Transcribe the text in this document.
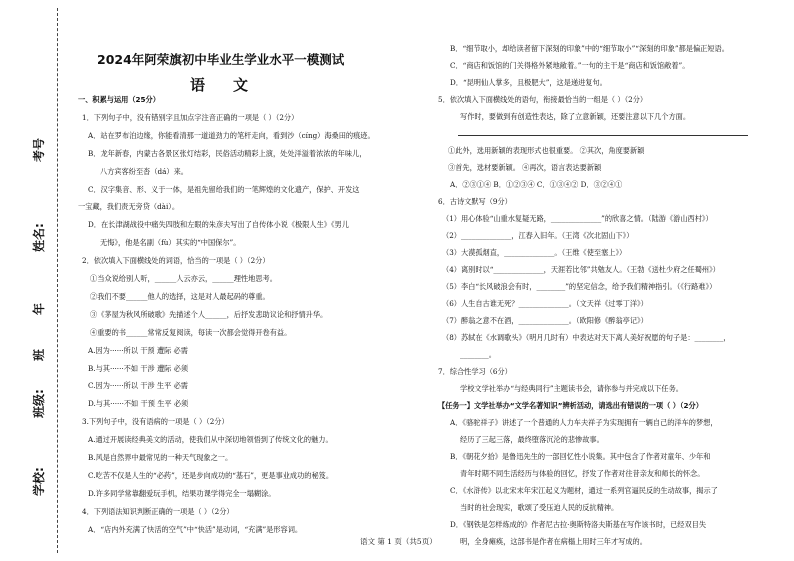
考号
姓名:
年
班
班级:
学校:
2024年阿荣旗初中毕业生学业水平一模测试
语文
一、积累与运用（25分）
1．下列句子中，没有错别字且加点字注音正确的一项是（ ）（2分）
A．站在罗布泊边缘，你能看清那一道道劲力的笔杆走向，看到沙（cíng）海桑田的痕迹。
B．龙年新春，内蒙古各景区张灯结彩，民俗活动精彩上演，处处洋溢着浓浓的年味儿，
八方宾客纷至沓（dá）来。
C．汉字集音、形、义于一体，是祖先留给我们的一笔辉煌的文化遗产，保护、开发这
一宝藏，我们责无旁贷（dài）。
D．在长津湖战役中痛失四肢和左眼的朱彦夫写出了自传体小说《极限人生》《男儿
无悔》，他是名副（fù）其实的“中国保尔”。
2．依次填入下面横线处的词语，恰当的一项是（ ）（2分）
①当众说给别人听，______人云亦云，______理性地思考。
②我们不要______他人的选择，这是对人最起码的尊重。
③《茅屋为秋风所破歌》先描述个人______，后抒发悲助议论和抒情升华。
④重要的书______常常反复阅读，每读一次都会觉得开卷有益。
A.因为······所以 干预 遭际 必需
B.与其······不如 干涉 遭际 必须
C.因为······所以 干涉 生平 必需
D.与其······不如 干预 生平 必须
3.下列句子中，没有语病的一项是（ ）（2分）
A.通过开展读经典美文的活动，使我们从中深切地领悟到了传统文化的魅力。
B.风是自然界中最常见的一种天气现象之一。
C.吃苦不仅是人生的“必药”，还是步向成功的“基石”，更是事业成功的秘笈。
D.许多同学常靠翻爱玩手机，结果功课学得完全一塌糊涂。
4．下列语法知识判断正确的一项是（ ）（2分）
A．“店内外充满了快活的空气”中“快活”是动词，“充满”是形容词。
B．“细节取小，却给读者留下深刻的印象”中的“细节取小”“深刻的印象”都是偏正短语。
C．“商店和饭馆的门关得格外紧地敞着。”一句的主干是“商店和饭馆敞着”。
D．“昆明仙人掌多，且极肥大”，这是递进复句。
5．依次填入下面横线处的语句，衔接最恰当的一组是（ ）（2分）
写作时，要做到有创造性表达，除了立意新颖，还要注意以下几个方面。
①此外，选用新颖的表现形式也很重要。 ②其次，角度要新颖
③首先，选材要新颖。 ④再次，语言表达要新颖
A．②③①④ B．①②③④ C．①③④② D．③②④①
6．古诗文默写（9分）
（1）用心体验“山重水复疑无路，______________”的欣喜之情。（陆游《游山西村》）
（2）______________，江春入旧年。（王湾《次北固山下》）
（3）大漠孤烟直，______________。（王维《使至塞上》）
（4）离别时以“______________，天涯若比邻”共勉友人。（王勃《送杜少府之任蜀州》）
（5）李白“长风破浪会有时，________”的坚定信念，给予我们精神指引。（《行路难》）
（6）人生自古谁无死？______________。（文天祥《过零丁洋》）
（7）醉翁之意不在酒，______________。（欧阳修《醉翁亭记》）
（8）苏轼在《水调歌头》（明月几时有）中表达对天下离人美好祝愿的句子是：________，
________。
7．综合性学习（6分）
学校文学社举办“与经典同行”主题读书会，请你参与并完成以下任务。
【任务一】文学社举办“文学名著知识”辨析活动，请选出有错误的一项（ ）（2分）
A．《骆驼祥子》讲述了一个普通的人力车夫祥子为实现拥有一辆自己的洋车的梦想，
经历了三起三落，最终堕落沉沦的悲惨故事。
B．《朝花夕拾》是鲁迅先生的一部回忆性小说集。其中包含了作者对童年、少年和
青年时期不同生活经历与体验的回忆，抒发了作者对往昔亲友和师长的怀念。
C．《水浒传》以北宋末年宋江起义为题材，通过一系列官逼民反的生动故事，揭示了
当时的社会现实，歌颂了受压迫人民的反抗精神。
D．《钢铁是怎样炼成的》作者尼古拉·奥斯特洛夫斯基在写作该书时，已经双目失
明，全身瘫痪，这部书是作者在病榻上用时三年才写成的。
语文 第 1 页（共5页）
